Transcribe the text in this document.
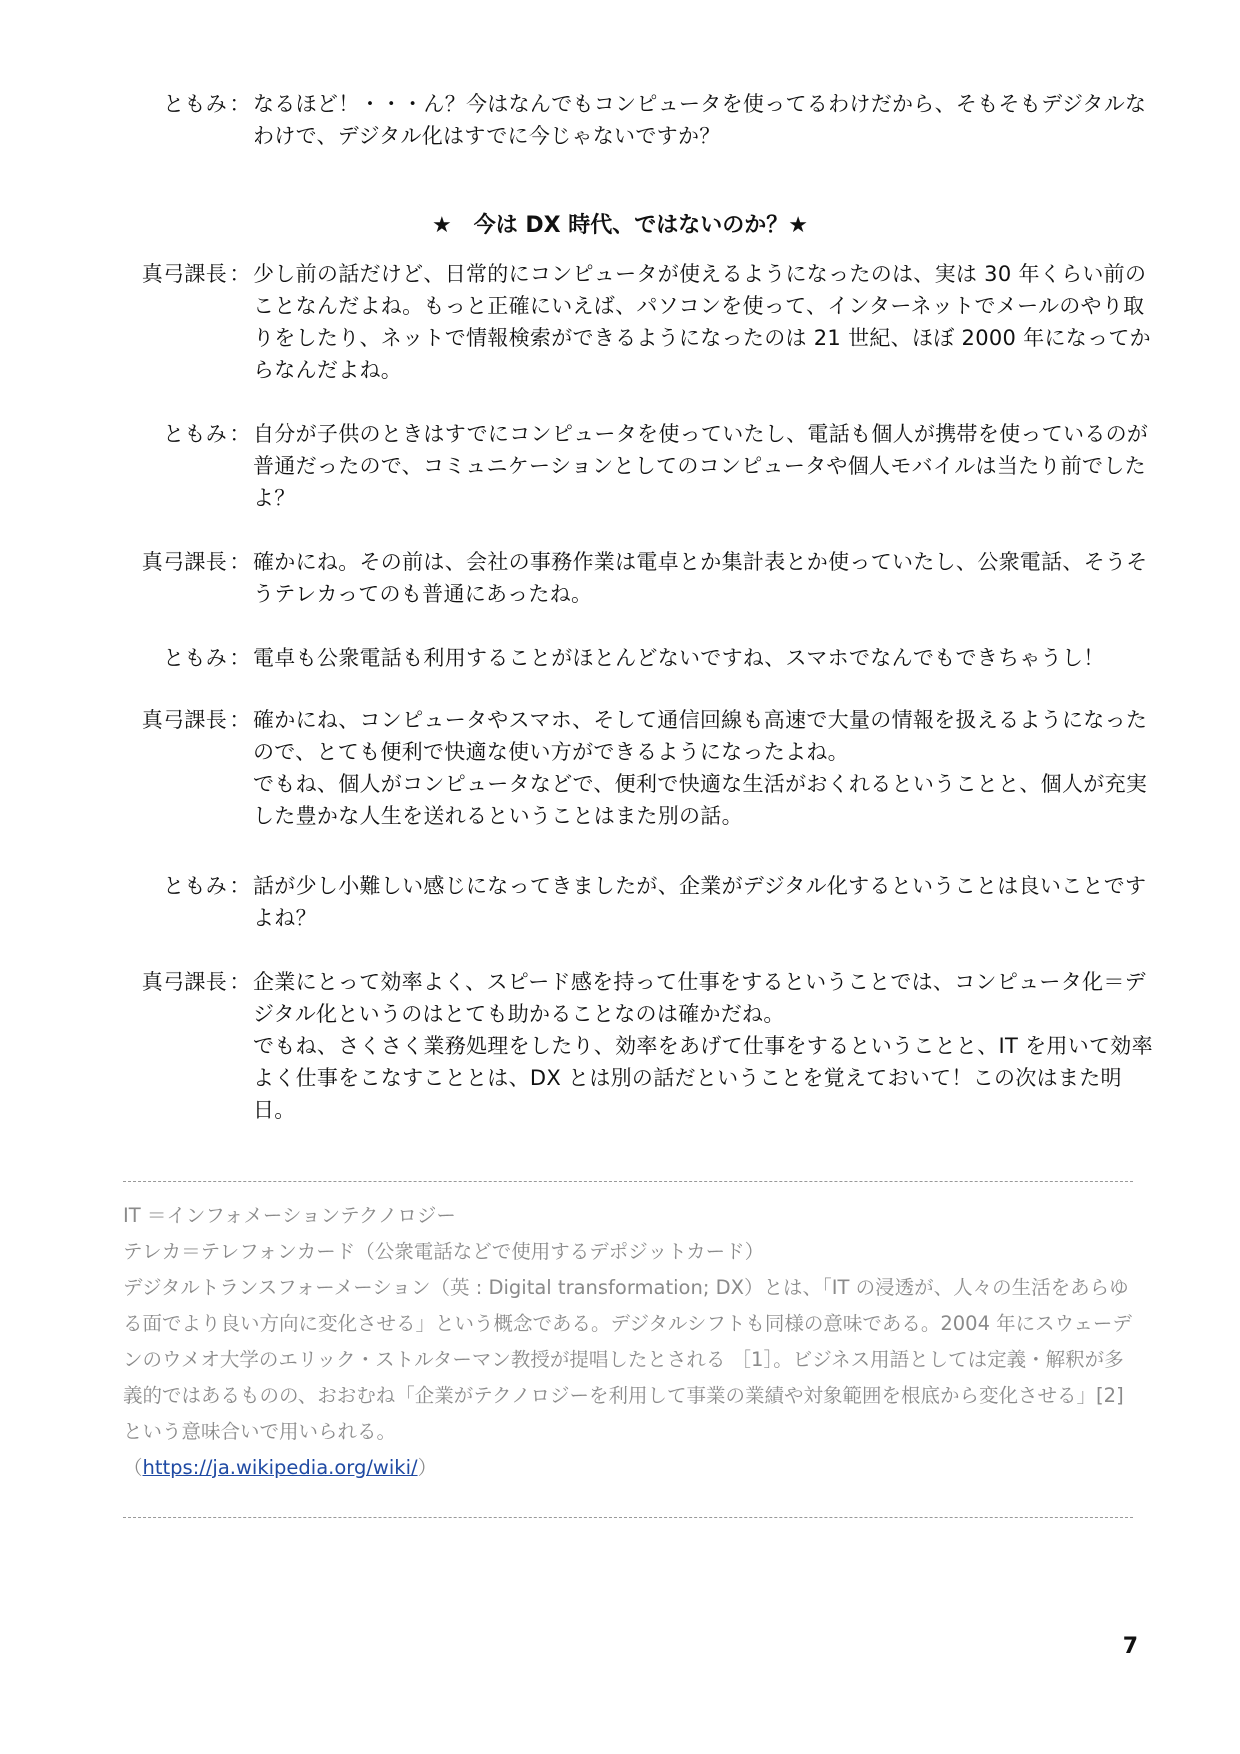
ともみ ： なるほど！・・・ん？今はなんでもコンピュータを使ってるわけだから、そもそもデジタルなわけで、デジタル化はすでに今じゃないですか？

★　今は DX 時代、ではないのか？★
真弓課長 ： 少し前の話だけど、日常的にコンピュータが使えるようになったのは、実は 30 年くらい前のことなんだよね。もっと正確にいえば、パソコンを使って、インターネットでメールのやり取りをしたり、ネットで情報検索ができるようになったのは 21 世紀、ほぼ 2000 年になってからなんだよね。

ともみ ： 自分が子供のときはすでにコンピュータを使っていたし、電話も個人が携帯を使っているのが普通だったので、コミュニケーションとしてのコンピュータや個人モバイルは当たり前でしたよ？

真弓課長 ： 確かにね。その前は、会社の事務作業は電卓とか集計表とか使っていたし、公衆電話、そうそうテレカってのも普通にあったね。

ともみ ： 電卓も公衆電話も利用することがほとんどないですね、スマホでなんでもできちゃうし！

真弓課長 ： 確かにね、コンピュータやスマホ、そして通信回線も高速で大量の情報を扱えるようになったので、とても便利で快適な使い方ができるようになったよね。

でもね、個人がコンピュータなどで、便利で快適な生活がおくれるということと、個人が充実した豊かな人生を送れるということはまた別の話。

ともみ ： 話が少し小難しい感じになってきましたが、企業がデジタル化するということは良いことですよね？

真弓課長 ： 企業にとって効率よく、スピード感を持って仕事をするということでは、コンピュータ化＝デジタル化というのはとても助かることなのは確かだね。

でもね、さくさく業務処理をしたり、効率をあげて仕事をするということと、IT を用いて効率よく仕事をこなすこととは、DX とは別の話だということを覚えておいて！この次はまた明日。

IT ＝インフォメーションテクノロジー

テレカ＝テレフォンカード（公衆電話などで使用するデポジットカード）

デジタルトランスフォーメーション（英 : Digital transformation; DX）とは、「IT の浸透が、人々の生活をあらゆる面でより良い方向に変化させる」という概念である。デジタルシフトも同様の意味である。2004 年にスウェーデンのウメオ大学のエリック・ストルターマン教授が提唱したとされる ［1］。ビジネス用語としては定義・解釈が多義的ではあるものの、おおむね「企業がテクノロジーを利用して事業の業績や対象範囲を根底から変化させる」[2] という意味合いで用いられる。

（https://ja.wikipedia.org/wiki/）

7
